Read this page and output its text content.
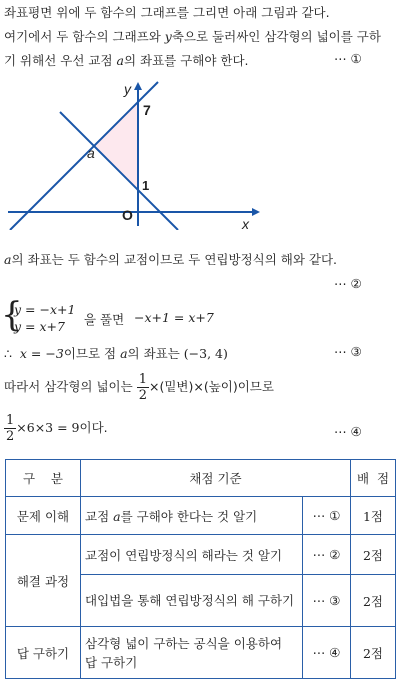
좌표평면 위에 두 함수의 그래프를 그리면 아래 그림과 같다.
여기에서 두 함수의 그래프와 y축으로 둘러싸인 삼각형의 넓이를 구하
기 위해선 우선 교점 a의 좌표를 구해야 한다.	⋯ ①
y
x
7
1
O
a
a의 좌표는 두 함수의 교점이므로 두 연립방정식의 해와 같다.
⋯ ②
{
y = −x+1
y = x+7 을 풀면 −x+1 = x+7
∴ x = −3이므로 점 a의 좌표는 (−3, 4)	⋯ ③
따라서 삼각형의 넓이는 $\frac{1}{2}$ ×(밑변)×(높이)이므로
$\frac{1}{2} \times 6\times 3 = 9$이다.	⋯ ④
구    분	채점 기준		배  점
문제 이해	교점 a를 구해야 한다는 것 알기	⋯ ①	1점
해결 과정	교점이 연립방정식의 해라는 것 알기	⋯ ②	2점
	대입법을 통해 연립방정식의 해 구하기	⋯ ③	2점
답 구하기	삼각형 넓이 구하는 공식을 이용하여 답 구하기	⋯ ④	2점
